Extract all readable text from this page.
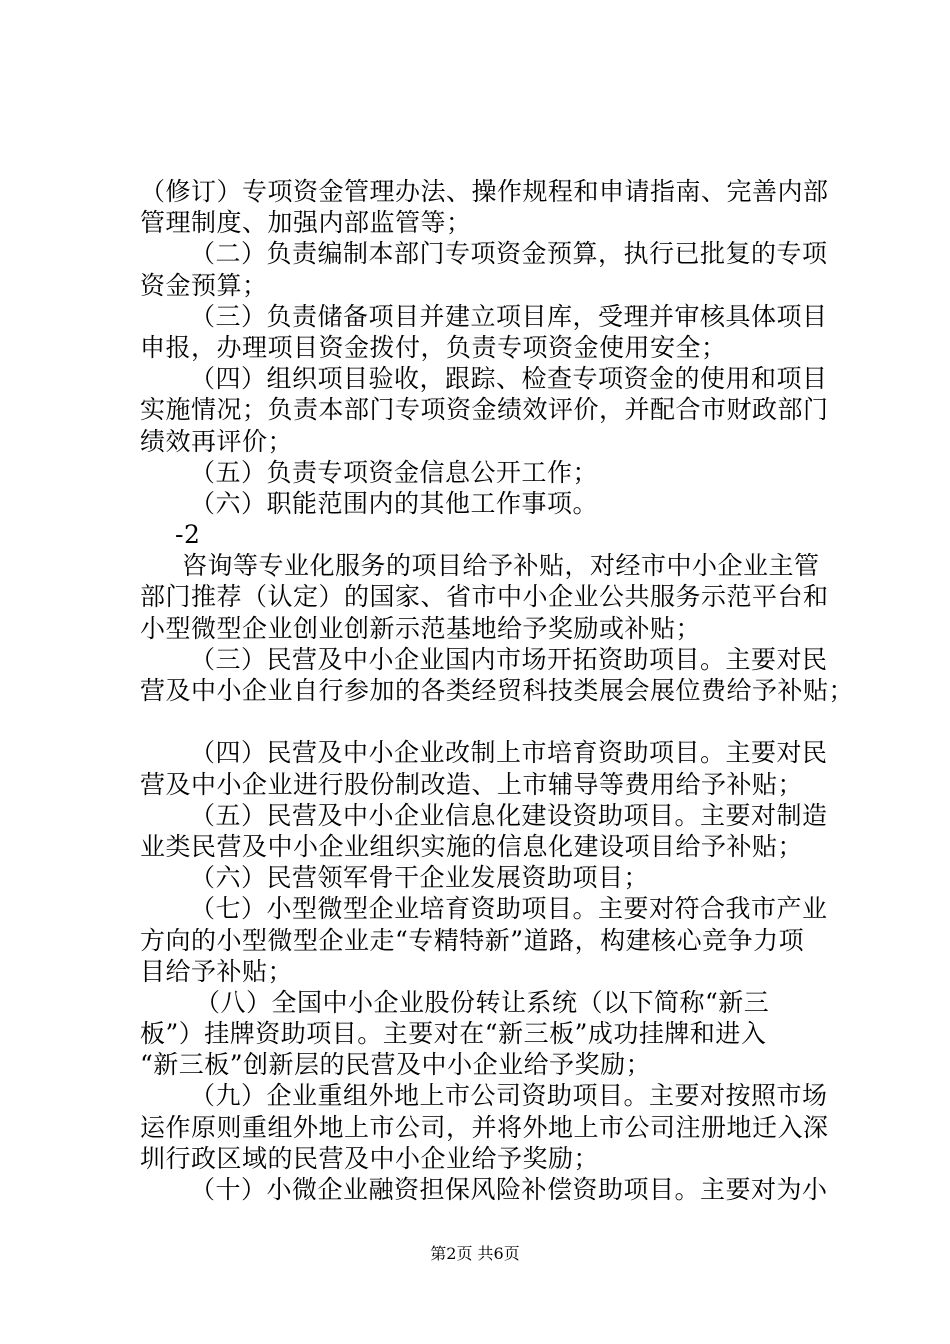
（修订）专项资金管理办法、操作规程和申请指南、完善内部
管理制度、加强内部监管等；
（二）负责编制本部门专项资金预算，执行已批复的专项
资金预算；
（三）负责储备项目并建立项目库，受理并审核具体项目
申报，办理项目资金拨付，负责专项资金使用安全；
（四）组织项目验收，跟踪、检查专项资金的使用和项目
实施情况；负责本部门专项资金绩效评价，并配合市财政部门
绩效再评价；
（五）负责专项资金信息公开工作；
（六）职能范围内的其他工作事项。
-2
咨询等专业化服务的项目给予补贴，对经市中小企业主管
部门推荐（认定）的国家、省市中小企业公共服务示范平台和
小型微型企业创业创新示范基地给予奖励或补贴；
（三）民营及中小企业国内市场开拓资助项目。主要对民
营及中小企业自行参加的各类经贸科技类展会展位费给予补贴；
（四）民营及中小企业改制上市培育资助项目。主要对民
营及中小企业进行股份制改造、上市辅导等费用给予补贴；
（五）民营及中小企业信息化建设资助项目。主要对制造
业类民营及中小企业组织实施的信息化建设项目给予补贴；
（六）民营领军骨干企业发展资助项目；
（七）小型微型企业培育资助项目。主要对符合我市产业
方向的小型微型企业走“专精特新”道路，构建核心竞争力项
目给予补贴；
（八）全国中小企业股份转让系统（以下简称“新三
板”）挂牌资助项目。主要对在“新三板”成功挂牌和进入
“新三板”创新层的民营及中小企业给予奖励；
（九）企业重组外地上市公司资助项目。主要对按照市场
运作原则重组外地上市公司，并将外地上市公司注册地迁入深
圳行政区域的民营及中小企业给予奖励；
（十）小微企业融资担保风险补偿资助项目。主要对为小
第2页 共6页
